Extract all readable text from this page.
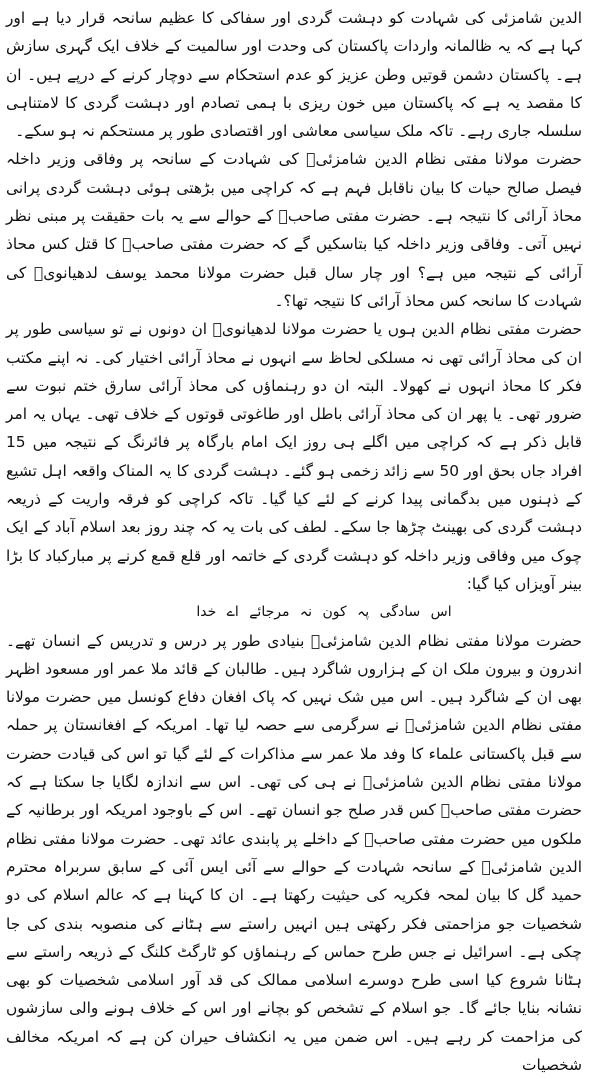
الدین شامزئی کی شہادت کو دہشت گردی اور سفاکی کا عظیم سانحہ قرار دیا ہے اور کہا ہے کہ یہ ظالمانہ واردات پاکستان کی وحدت اور سالمیت کے خلاف ایک گہری سازش ہے۔ پاکستان دشمن قوتیں وطن عزیز کو عدم استحکام سے دوچار کرنے کے درپے ہیں۔ ان کا مقصد یہ ہے کہ پاکستان میں خون ریزی با ہمی تصادم اور دہشت گردی کا لامتناہی سلسلہ جاری رہے۔ تاکہ ملک سیاسی معاشی اور اقتصادی طور پر مستحکم نہ ہو سکے۔

حضرت مولانا مفتی نظام الدین شامزئیؒ کی شہادت کے سانحہ پر وفاقی وزیر داخلہ فیصل صالح حیات کا بیان ناقابل فہم ہے کہ کراچی میں بڑھتی ہوئی دہشت گردی پرانی محاذ آرائی کا نتیجہ ہے۔ حضرت مفتی صاحبؒ کے حوالے سے یہ بات حقیقت پر مبنی نظر نہیں آتی۔ وفاقی وزیر داخلہ کیا بتاسکیں گے کہ حضرت مفتی صاحبؒ کا قتل کس محاذ آرائی کے نتیجہ میں ہے؟ اور چار سال قبل حضرت مولانا محمد یوسف لدھیانویؒ کی شہادت کا سانحہ کس محاذ آرائی کا نتیجہ تھا؟۔

حضرت مفتی نظام الدین ہوں یا حضرت مولانا لدھیانویؒ ان دونوں نے تو سیاسی طور پر ان کی محاذ آرائی تھی نہ مسلکی لحاظ سے انہوں نے محاذ آرائی اختیار کی۔ نہ اپنے مکتب فکر کا محاذ انہوں نے کھولا۔ البتہ ان دو رہنماؤں کی محاذ آرائی سارق ختم نبوت سے ضرور تھی۔ یا پھر ان کی محاذ آرائی باطل اور طاغوتی قوتوں کے خلاف تھی۔ یہاں یہ امر قابل ذکر ہے کہ کراچی میں اگلے ہی روز ایک امام بارگاہ پر فائرنگ کے نتیجہ میں 15 افراد جاں بحق اور 50 سے زائد زخمی ہو گئے۔ دہشت گردی کا یہ المناک واقعہ اہل تشیع کے ذہنوں میں بدگمانی پیدا کرنے کے لئے کیا گیا۔ تاکہ کراچی کو فرقہ واریت کے ذریعہ دہشت گردی کی بھینٹ چڑھا جا سکے۔ لطف کی بات یہ کہ چند روز بعد اسلام آباد کے ایک چوک میں وفاقی وزیر داخلہ کو دہشت گردی کے خاتمہ اور قلع قمع کرنے پر مبارکباد کا بڑا بینر آویزاں کیا گیا:

اس سادگی پہ کون نہ مرجائے اے خدا

حضرت مولانا مفتی نظام الدین شامزئیؒ بنیادی طور پر درس و تدریس کے انسان تھے۔ اندرون و بیرون ملک ان کے ہزاروں شاگرد ہیں۔ طالبان کے قائد ملا عمر اور مسعود اظہر بھی ان کے شاگرد ہیں۔ اس میں شک نہیں کہ پاک افغان دفاع کونسل میں حضرت مولانا مفتی نظام الدین شامزئیؒ نے سرگرمی سے حصہ لیا تھا۔ امریکہ کے افغانستان پر حملہ سے قبل پاکستانی علماء کا وفد ملا عمر سے مذاکرات کے لئے گیا تو اس کی قیادت حضرت مولانا مفتی نظام الدین شامزئیؒ نے ہی کی تھی۔ اس سے اندازہ لگایا جا سکتا ہے کہ حضرت مفتی صاحبؒ کس قدر صلح جو انسان تھے۔ اس کے باوجود امریکہ اور برطانیہ کے ملکوں میں حضرت مفتی صاحبؒ کے داخلے پر پابندی عائد تھی۔ حضرت مولانا مفتی نظام الدین شامزئیؒ کے سانحہ شہادت کے حوالے سے آئی ایس آئی کے سابق سربراہ محترم حمید گل کا بیان لمحہ فکریہ کی حیثیت رکھتا ہے۔ ان کا کہنا ہے کہ عالم اسلام کی دو شخصیات جو مزاحمتی فکر رکھتی ہیں انہیں راستے سے ہٹانے کی منصوبہ بندی کی جا چکی ہے۔ اسرائیل نے جس طرح حماس کے رہنماؤں کو ٹارگٹ کلنگ کے ذریعہ راستے سے ہٹانا شروع کیا اسی طرح دوسرے اسلامی ممالک کی قد آور اسلامی شخصیات کو بھی نشانہ بنایا جائے گا۔ جو اسلام کے تشخص کو بچانے اور اس کے خلاف ہونے والی سازشوں کی مزاحمت کر رہے ہیں۔ اس ضمن میں یہ انکشاف حیران کن ہے کہ امریکہ مخالف شخصیات
